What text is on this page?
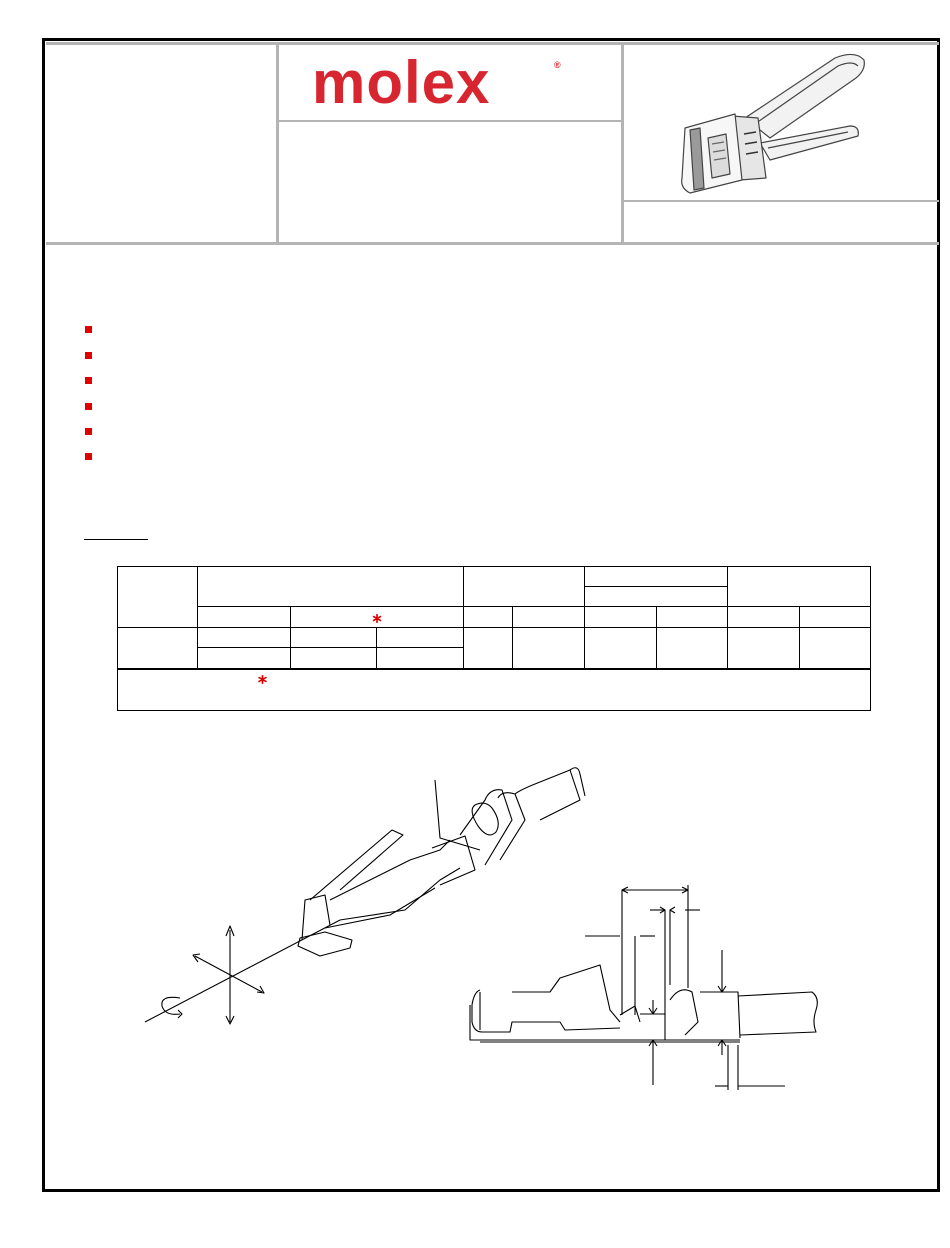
molex	®

		⁎							

⁎									
